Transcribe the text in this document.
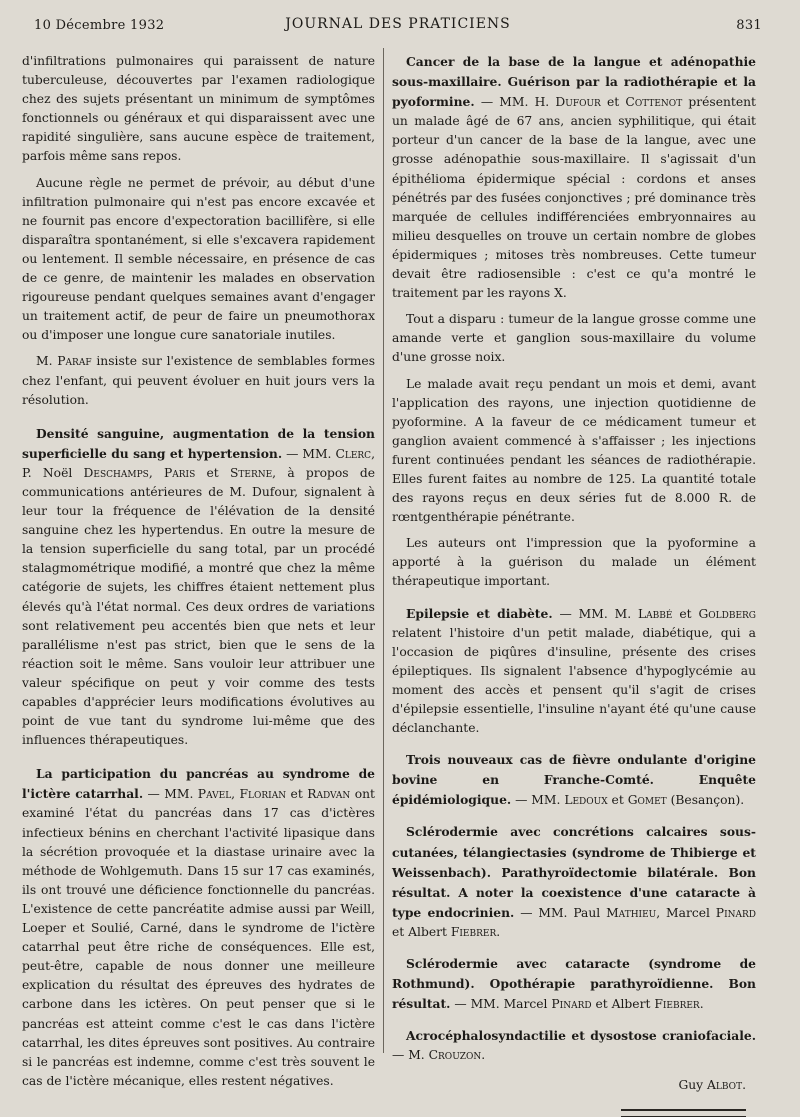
10 Décembre 1932	JOURNAL DES PRATICIENS	831

d'infiltrations pulmonaires qui paraissent de nature tuberculeuse, découvertes par l'examen radiologique chez des sujets présentant un minimum de symptômes fonctionnels ou généraux et qui disparaissent avec une rapidité singulière, sans aucune espèce de traitement, parfois même sans repos.

Aucune règle ne permet de prévoir, au début d'une infiltration pulmonaire qui n'est pas encore excavée et ne fournit pas encore d'expectoration bacillifère, si elle disparaîtra spontanément, si elle s'excavera rapidement ou lentement. Il semble nécessaire, en présence de cas de ce genre, de maintenir les malades en observation rigoureuse pendant quelques semaines avant d'engager un traitement actif, de peur de faire un pneumothorax ou d'imposer une longue cure sanatoriale inutiles.

M. Paraf insiste sur l'existence de semblables formes chez l'enfant, qui peuvent évoluer en huit jours vers la résolution.

Densité sanguine, augmentation de la tension superficielle du sang et hypertension. — MM. Clerc, P. Noël Deschamps, Paris et Sterne, à propos de communications antérieures de M. Dufour, signalent à leur tour la fréquence de l'élévation de la densité sanguine chez les hypertendus. En outre la mesure de la tension superficielle du sang total, par un procédé stalagmométrique modifié, a montré que chez la même catégorie de sujets, les chiffres étaient nettement plus élevés qu'à l'état normal. Ces deux ordres de variations sont relativement peu accentés bien que nets et leur parallélisme n'est pas strict, bien que le sens de la réaction soit le même. Sans vouloir leur attribuer une valeur spécifique on peut y voir comme des tests capables d'apprécier leurs modifications évolutives au point de vue tant du syndrome lui-même que des influences thérapeutiques.

La participation du pancréas au syndrome de l'ictère catarrhal. — MM. Pavel, Florian et Radvan ont examiné l'état du pancréas dans 17 cas d'ictères infectieux bénins en cherchant l'activité lipasique dans la sécrétion provoquée et la diastase urinaire avec la méthode de Wohlgemuth. Dans 15 sur 17 cas examinés, ils ont trouvé une déficience fonctionnelle du pancréas. L'existence de cette pancréatite admise aussi par Weill, Loeper et Soulié, Carné, dans le syndrome de l'ictère catarrhal peut être riche de conséquences. Elle est, peut-être, capable de nous donner une meilleure explication du résultat des épreuves des hydrates de carbone dans les ictères. On peut penser que si le pancréas est atteint comme c'est le cas dans l'ictère catarrhal, les dites épreuves sont positives. Au contraire si le pancréas est indemne, comme c'est très souvent le cas de l'ictère mécanique, elles restent négatives.

Cancer de la base de la langue et adénopathie sous-maxillaire. Guérison par la radiothérapie et la pyoformine. — MM. H. Dufour et Cottenot présentent un malade âgé de 67 ans, ancien syphilitique, qui était porteur d'un cancer de la base de la langue, avec une grosse adénopathie sous-maxillaire. Il s'agissait d'un épithélioma épidermique spécial : cordons et anses pénétrés par des fusées conjonctives ; pré dominance très marquée de cellules indifférenciées embryonnaires au milieu desquelles on trouve un certain nombre de globes épidermiques ; mitoses très nombreuses. Cette tumeur devait être radiosensible : c'est ce qu'a montré le traitement par les rayons X.

Tout a disparu : tumeur de la langue grosse comme une amande verte et ganglion sous-maxillaire du volume d'une grosse noix.

Le malade avait reçu pendant un mois et demi, avant l'application des rayons, une injection quotidienne de pyoformine. A la faveur de ce médicament tumeur et ganglion avaient commencé à s'affaisser ; les injections furent continuées pendant les séances de radiothérapie. Elles furent faites au nombre de 125. La quantité totale des rayons reçus en deux séries fut de 8.000 R. de rœntgenthérapie pénétrante.

Les auteurs ont l'impression que la pyoformine a apporté à la guérison du malade un élément thérapeutique important.

Epilepsie et diabète. — MM. M. Labbé et Goldberg relatent l'histoire d'un petit malade, diabétique, qui a l'occasion de piqûres d'insuline, présente des crises épileptiques. Ils signalent l'absence d'hypoglycémie au moment des accès et pensent qu'il s'agit de crises d'épilepsie essentielle, l'insuline n'ayant été qu'une cause déclanchante.

Trois nouveaux cas de fièvre ondulante d'origine bovine en Franche-Comté. Enquête épidémiologique. — MM. Ledoux et Gomet (Besançon).

Sclérodermie avec concrétions calcaires sous-cutanées, télangiectasies (syndrome de Thibierge et Weissenbach). Parathyroïdectomie bilatérale. Bon résultat. A noter la coexistence d'une cataracte à type endocrinien. — MM. Paul Mathieu, Marcel Pinard et Albert Fiebrer.

Sclérodermie avec cataracte (syndrome de Rothmund). Opothérapie parathyroïdienne. Bon résultat. — MM. Marcel Pinard et Albert Fiebrer.

Acrocéphalosyndactilie et dysostose craniofaciale. — M. Crouzon.

Guy Albot.
